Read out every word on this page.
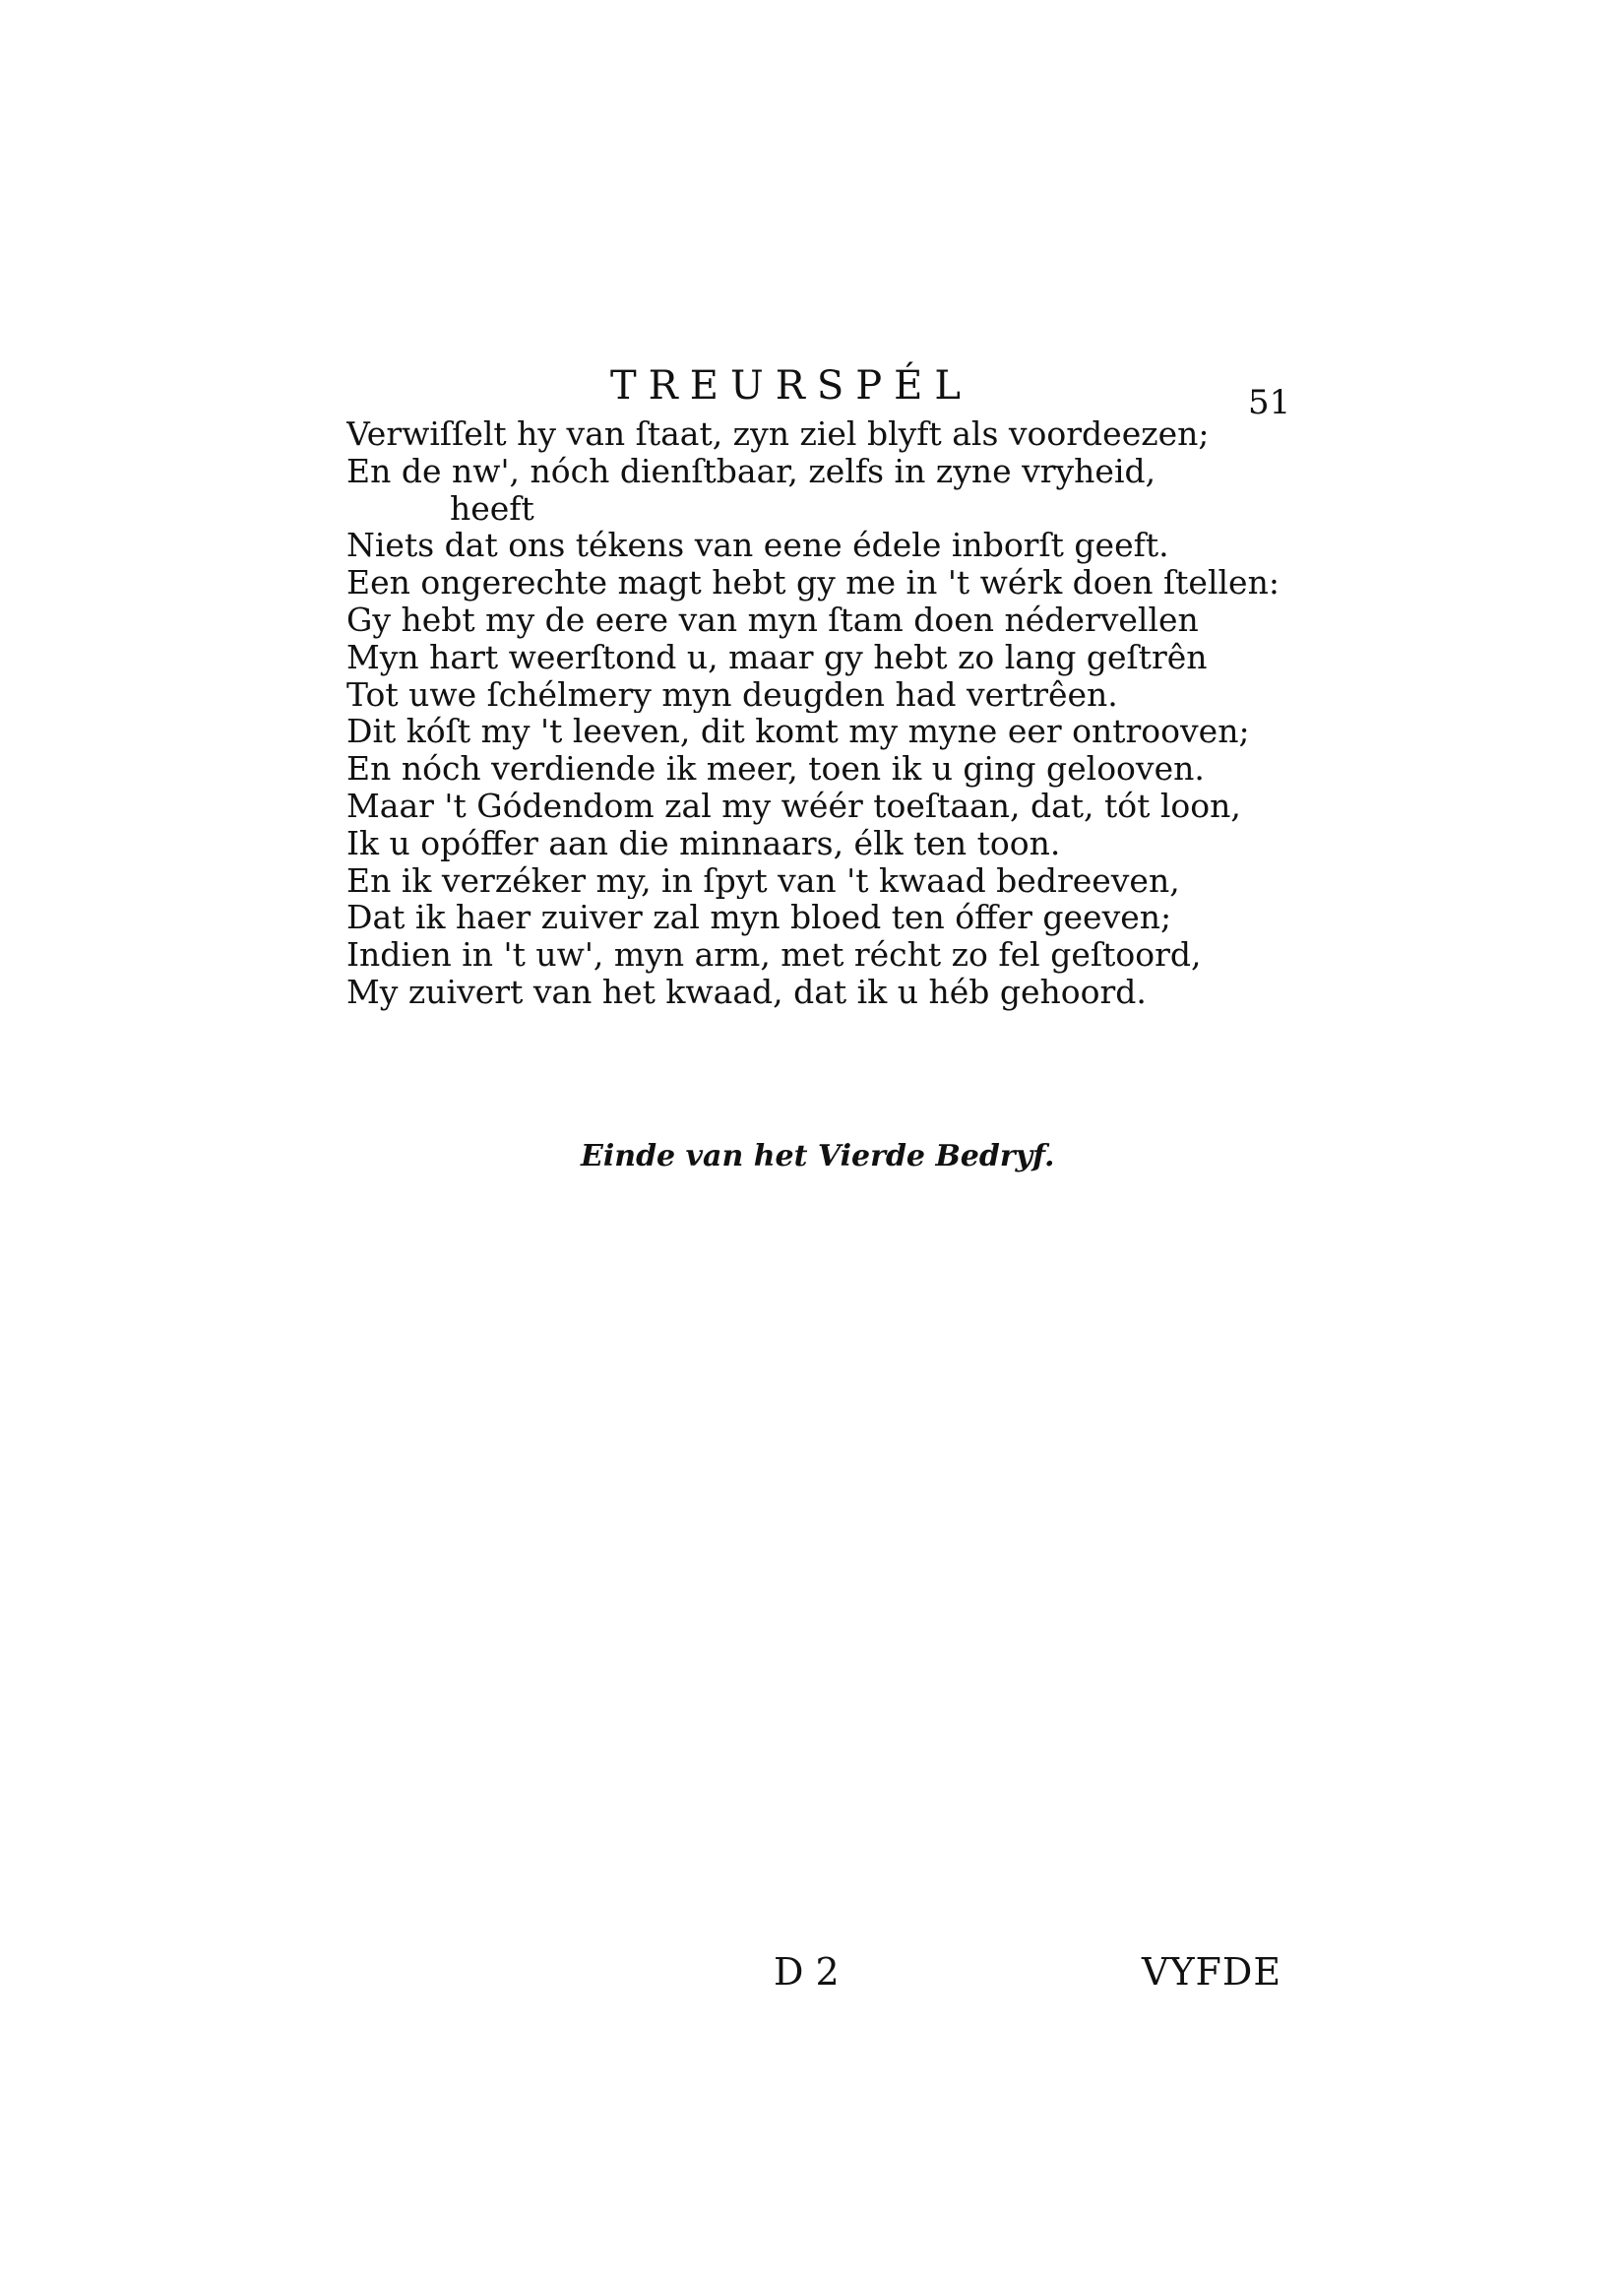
TREURSPÉL	51
Verwiſſelt hy van ſtaat, zyn ziel blyft als voordeezen;
En de nw', nóch dienſtbaar, zelfs in zyne vryheid,
heeft
Niets dat ons tékens van eene édele inborſt geeft.
Een ongerechte magt hebt gy me in 't wérk doen ſtellen:
Gy hebt my de eere van myn ſtam doen nédervellen
Myn hart weerſtond u, maar gy hebt zo lang geſtrên
Tot uwe ſchélmery myn deugden had vertrêen.
Dit kóſt my 't leeven, dit komt my myne eer ontrooven;
En nóch verdiende ik meer, toen ik u ging gelooven.
Maar 't Gódendom zal my wéér toeſtaan, dat, tót loon,
Ik u opóffer aan die minnaars, élk ten toon.
En ik verzéker my, in ſpyt van 't kwaad bedreeven,
Dat ik haer zuiver zal myn bloed ten óffer geeven;
Indien in 't uw', myn arm, met récht zo fel geſtoord,
My zuivert van het kwaad, dat ik u héb gehoord.
Einde van het Vierde Bedryf.
D 2	VYFDE
